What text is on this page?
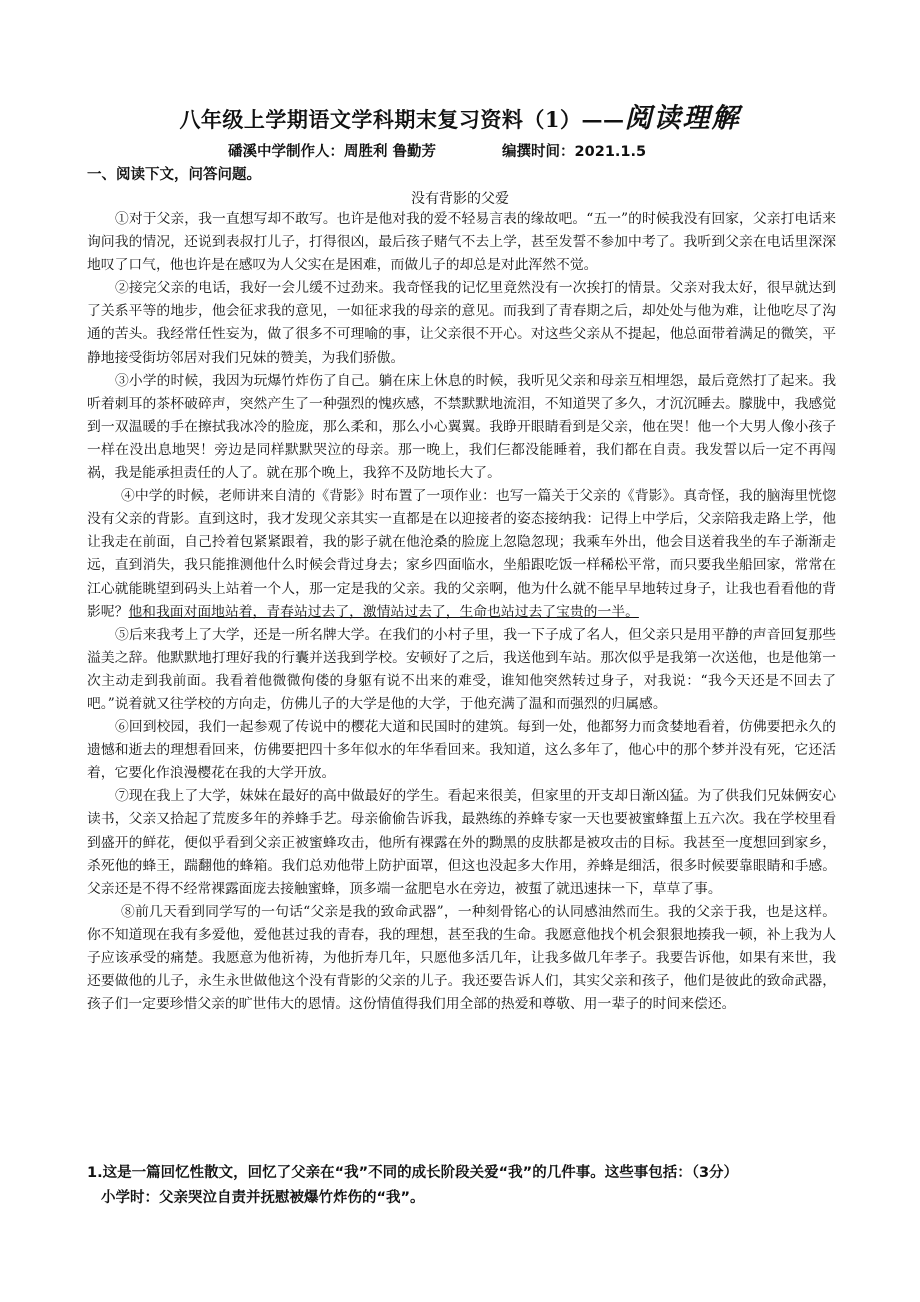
八年级上学期语文学科期末复习资料（1）——阅读理解
磻溪中学制作人：周胜利 鲁勤芳	编撰时间：2021.1.5
一、阅读下文，问答问题。
没有背影的父爱

①对于父亲，我一直想写却不敢写。也许是他对我的爱不轻易言表的缘故吧。“五一”的时候我没有回家，父亲打电话来询问我的情况，还说到表叔打儿子，打得很凶，最后孩子赌气不去上学，甚至发誓不参加中考了。我听到父亲在电话里深深地叹了口气，他也许是在感叹为人父实在是困难，而做儿子的却总是对此浑然不觉。

②接完父亲的电话，我好一会儿缓不过劲来。我奇怪我的记忆里竟然没有一次挨打的情景。父亲对我太好，很早就达到了关系平等的地步，他会征求我的意见，一如征求我的母亲的意见。而我到了青春期之后，却处处与他为难，让他吃尽了沟通的苦头。我经常任性妄为，做了很多不可理喻的事，让父亲很不开心。对这些父亲从不提起，他总面带着满足的微笑，平静地接受街坊邻居对我们兄妹的赞美，为我们骄傲。

③小学的时候，我因为玩爆竹炸伤了自己。躺在床上休息的时候，我听见父亲和母亲互相埋怨，最后竟然打了起来。我听着刺耳的茶杯破碎声，突然产生了一种强烈的愧疚感，不禁默默地流泪，不知道哭了多久，才沉沉睡去。朦胧中，我感觉到一双温暖的手在擦拭我冰冷的脸庞，那么柔和，那么小心翼翼。我睁开眼睛看到是父亲，他在哭！他一个大男人像小孩子一样在没出息地哭！旁边是同样默默哭泣的母亲。那一晚上，我们仨都没能睡着，我们都在自责。我发誓以后一定不再闯祸，我是能承担责任的人了。就在那个晚上，我猝不及防地长大了。

④中学的时候，老师讲来自清的《背影》时布置了一项作业：也写一篇关于父亲的《背影》。真奇怪，我的脑海里恍惚没有父亲的背影。直到这时，我才发现父亲其实一直都是在以迎接者的姿态接纳我：记得上中学后，父亲陪我走路上学，他让我走在前面，自己拎着包紧紧跟着，我的影子就在他沧桑的脸庞上忽隐忽现；我乘车外出，他会目送着我坐的车子渐渐走远，直到消失，我只能推测他什么时候会背过身去；家乡四面临水，坐船跟吃饭一样稀松平常，而只要我坐船回家，常常在江心就能眺望到码头上站着一个人，那一定是我的父亲。我的父亲啊，他为什么就不能早早地转过身子，让我也看看他的背影呢？他和我面对面地站着，青春站过去了，激情站过去了，生命也站过去了宝贵的一半。

⑤后来我考上了大学，还是一所名牌大学。在我们的小村子里，我一下子成了名人，但父亲只是用平静的声音回复那些溢美之辞。他默默地打理好我的行囊并送我到学校。安顿好了之后，我送他到车站。那次似乎是我第一次送他，也是他第一次主动走到我前面。我看着他微微佝偻的身躯有说不出来的难受，谁知他突然转过身子，对我说：“我今天还是不回去了吧。”说着就又往学校的方向走，仿佛儿子的大学是他的大学，于他充满了温和而强烈的归属感。

⑥回到校园，我们一起参观了传说中的樱花大道和民国时的建筑。每到一处，他都努力而贪婪地看着，仿佛要把永久的遗憾和逝去的理想看回来，仿佛要把四十多年似水的年华看回来。我知道，这么多年了，他心中的那个梦并没有死，它还活着，它要化作浪漫樱花在我的大学开放。

⑦现在我上了大学，妹妹在最好的高中做最好的学生。看起来很美，但家里的开支却日渐凶猛。为了供我们兄妹俩安心读书，父亲又拾起了荒废多年的养蜂手艺。母亲偷偷告诉我，最熟练的养蜂专家一天也要被蜜蜂蜇上五六次。我在学校里看到盛开的鲜花，便似乎看到父亲正被蜜蜂攻击，他所有裸露在外的黝黑的皮肤都是被攻击的目标。我甚至一度想回到家乡，杀死他的蜂王，踹翻他的蜂箱。我们总劝他带上防护面罩，但这也没起多大作用，养蜂是细活，很多时候要靠眼睛和手感。父亲还是不得不经常裸露面庞去接触蜜蜂，顶多端一盆肥皂水在旁边，被蜇了就迅速抹一下，草草了事。

⑧前几天看到同学写的一句话“父亲是我的致命武器”，一种刻骨铭心的认同感油然而生。我的父亲于我，也是这样。你不知道现在我有多爱他，爱他甚过我的青春，我的理想，甚至我的生命。我愿意他找个机会狠狠地揍我一顿，补上我为人子应该承受的痛楚。我愿意为他祈祷，为他折寿几年，只愿他多活几年，让我多做几年孝子。我要告诉他，如果有来世，我还要做他的儿子，永生永世做他这个没有背影的父亲的儿子。我还要告诉人们，其实父亲和孩子，他们是彼此的致命武器，孩子们一定要珍惜父亲的旷世伟大的恩情。这份情值得我们用全部的热爱和尊敬、用一辈子的时间来偿还。

1.这是一篇回忆性散文，回忆了父亲在“我”不同的成长阶段关爱“我”的几件事。这些事包括：（3分）
小学时：父亲哭泣自责并抚慰被爆竹炸伤的“我”。
